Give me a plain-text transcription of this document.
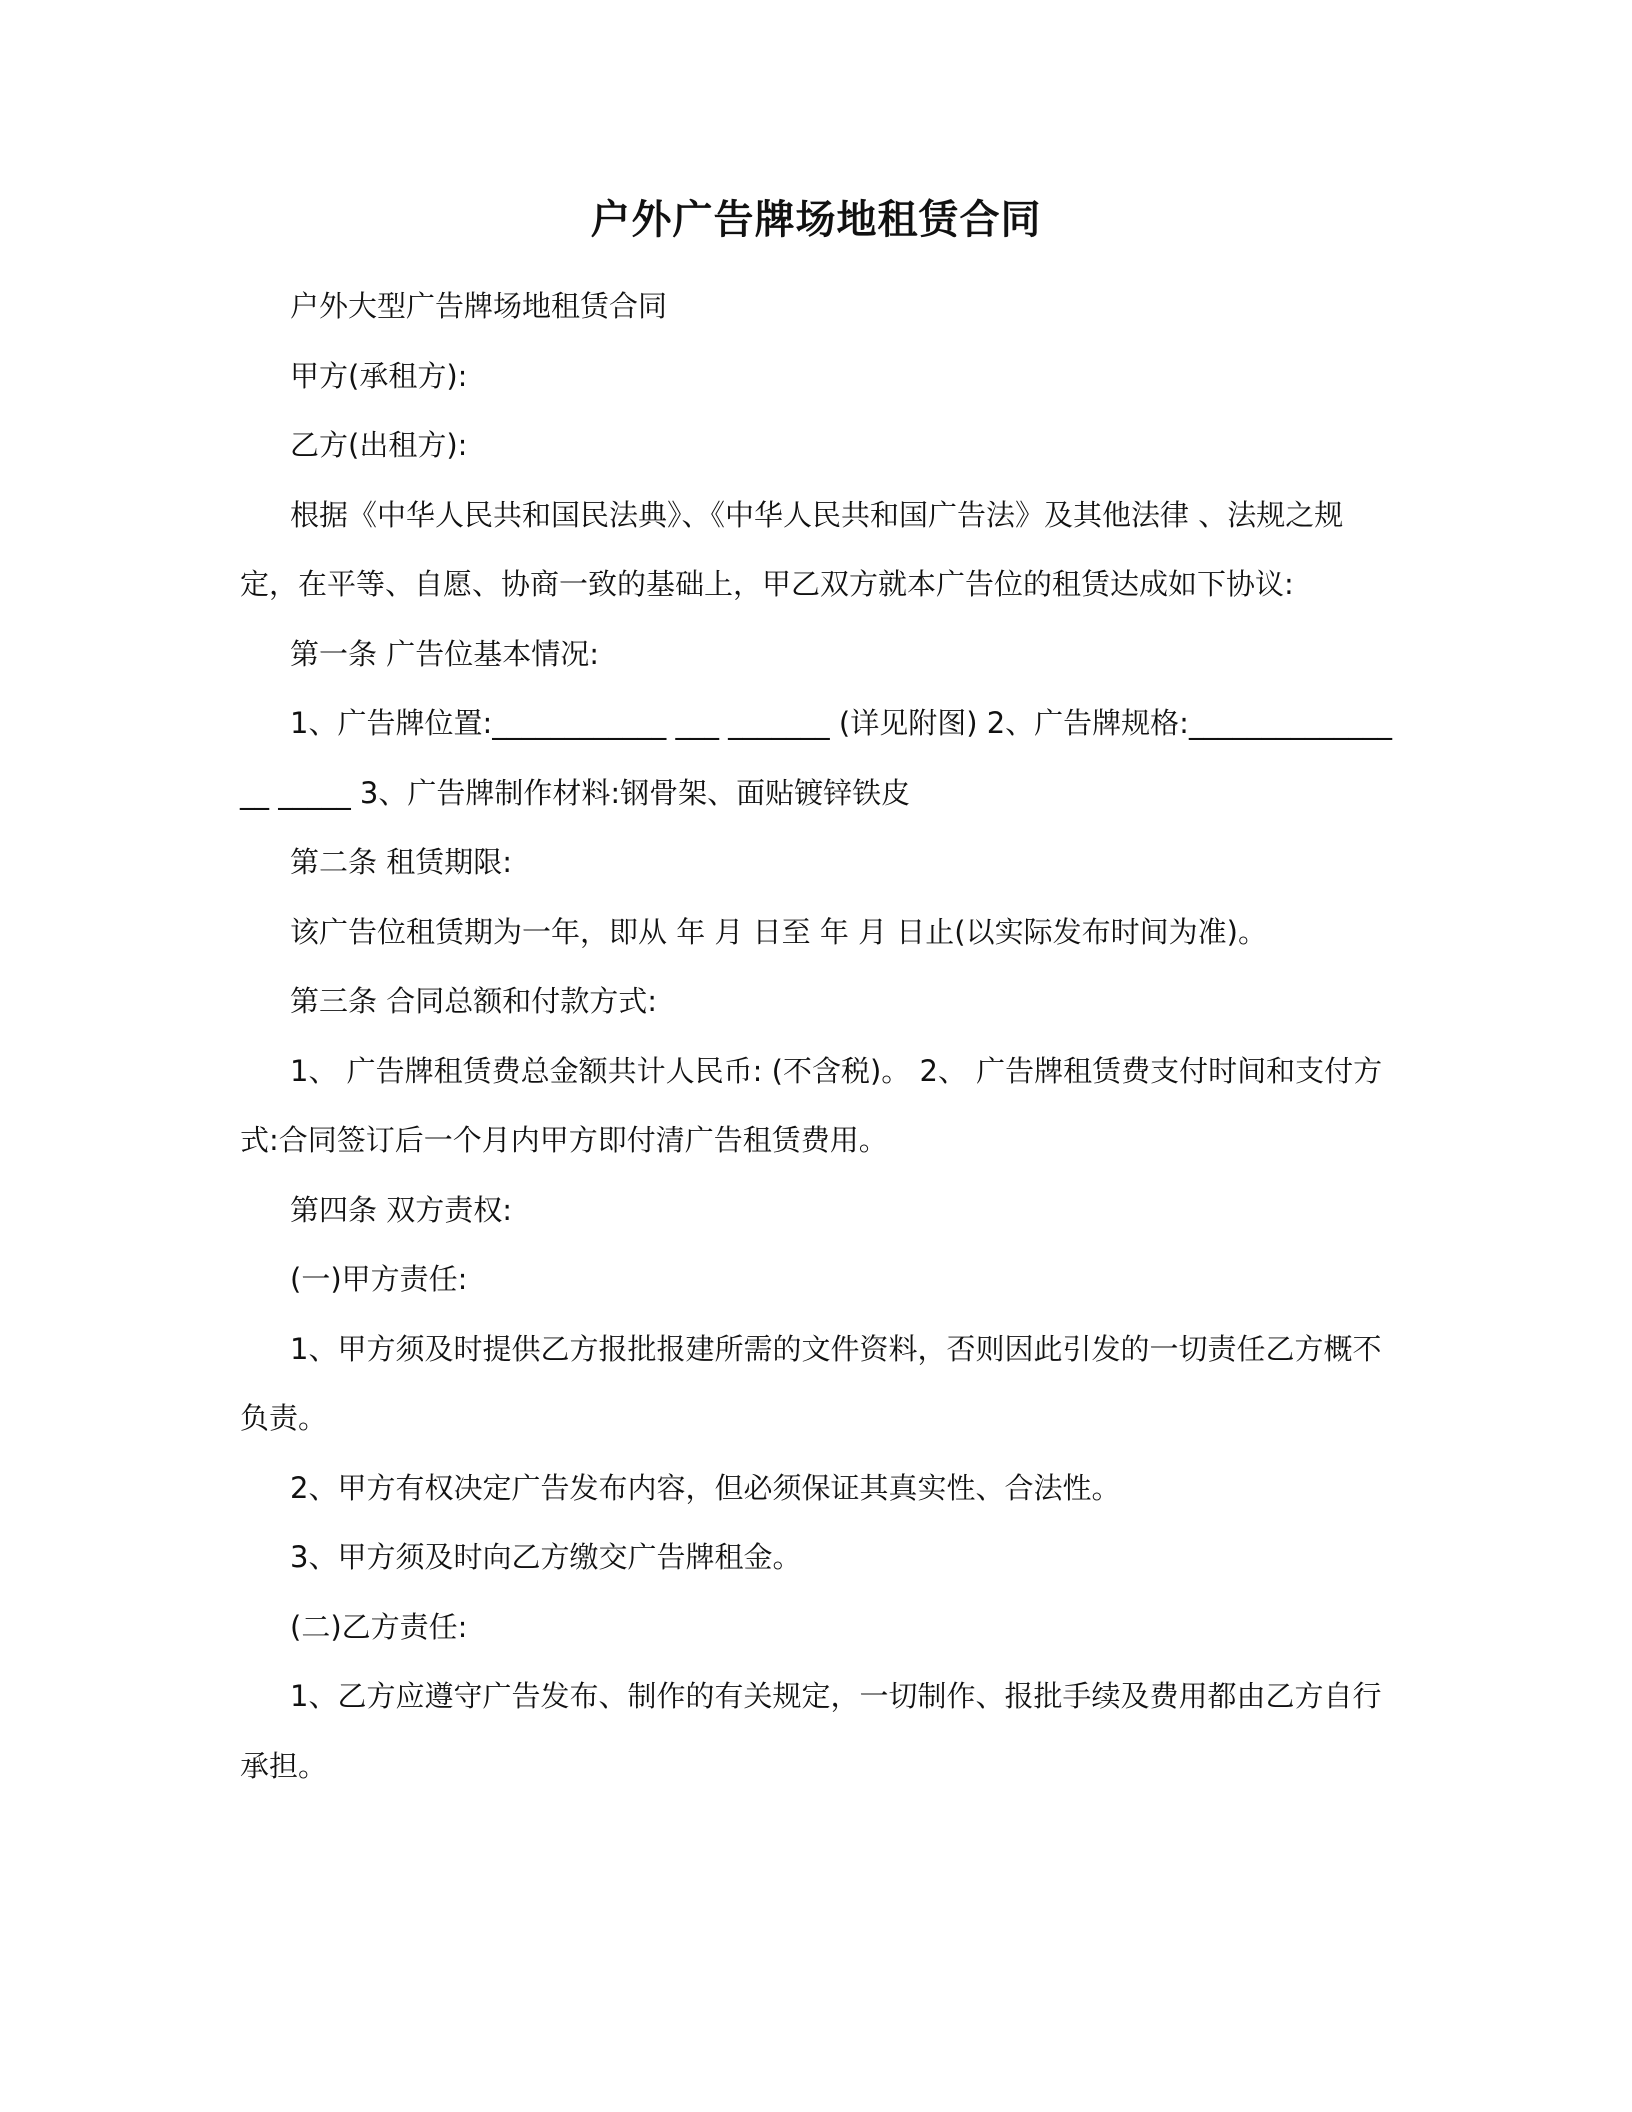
户外广告牌场地租赁合同

户外大型广告牌场地租赁合同

甲方(承租方):

乙方(出租方):

根据《中华人民共和国民法典》、《中华人民共和国广告法》及其他法律 、法规之规定，在平等、自愿、协商一致的基础上，甲乙双方就本广告位的租赁达成如下协议:

第一条 广告位基本情况:

1、广告牌位置:____________ ___ _______ (详见附图) 2、广告牌规格:________________ _____ 3、广告牌制作材料:钢骨架、面贴镀锌铁皮

第二条 租赁期限:

该广告位租赁期为一年，即从 年 月 日至 年 月 日止(以实际发布时间为准)。

第三条 合同总额和付款方式:

1、 广告牌租赁费总金额共计人民币: (不含税)。 2、 广告牌租赁费支付时间和支付方式:合同签订后一个月内甲方即付清广告租赁费用。

第四条 双方责权:

(一)甲方责任:

1、甲方须及时提供乙方报批报建所需的文件资料，否则因此引发的一切责任乙方概不负责。

2、甲方有权决定广告发布内容，但必须保证其真实性、合法性。

3、甲方须及时向乙方缴交广告牌租金。

(二)乙方责任:

1、乙方应遵守广告发布、制作的有关规定，一切制作、报批手续及费用都由乙方自行承担。
